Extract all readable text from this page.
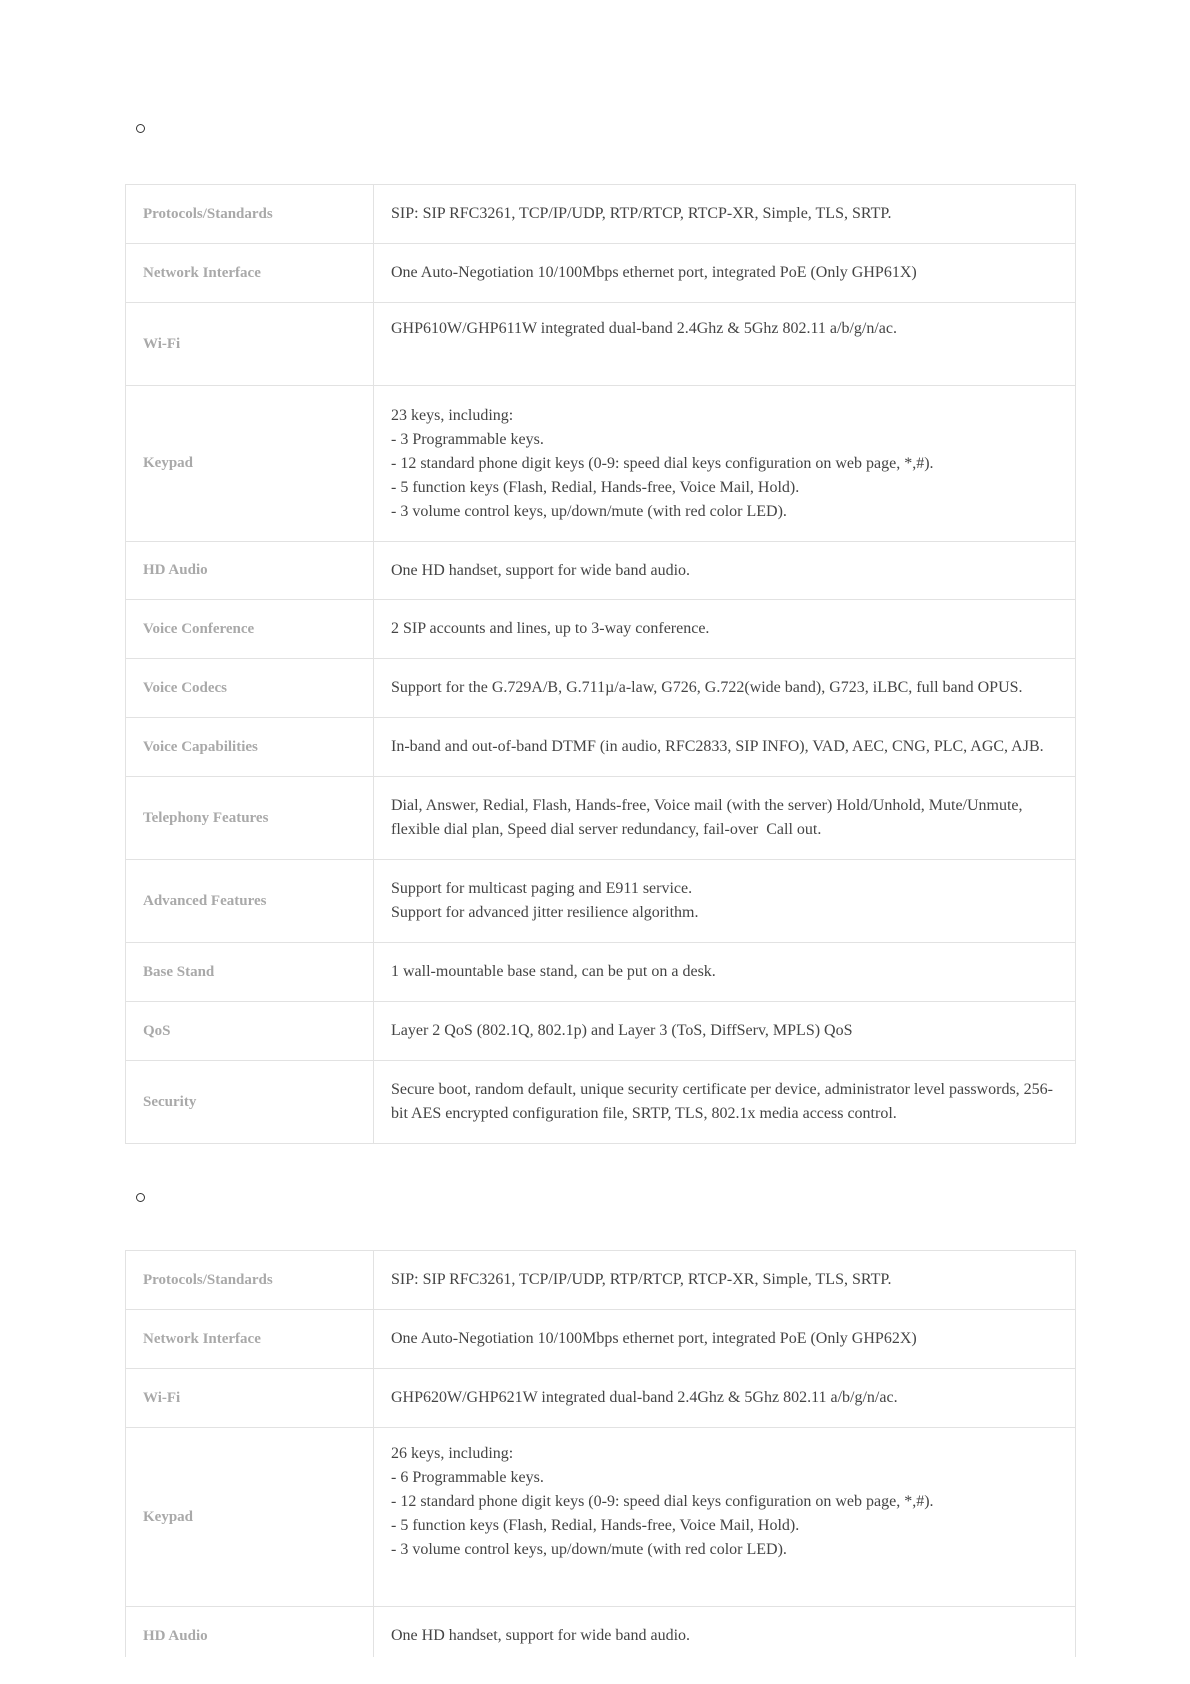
Protocols/Standards	SIP: SIP RFC3261, TCP/IP/UDP, RTP/RTCP, RTCP-XR, Simple, TLS, SRTP.

Network Interface	One Auto-Negotiation 10/100Mbps ethernet port, integrated PoE (Only GHP61X)

Wi-Fi	GHP610W/GHP611W integrated dual-band 2.4Ghz & 5Ghz 802.11 a/b/g/n/ac.

Keypad	23 keys, including:
- 3 Programmable keys.
- 12 standard phone digit keys (0-9: speed dial keys configuration on web page, *,#).
- 5 function keys (Flash, Redial, Hands-free, Voice Mail, Hold).
- 3 volume control keys, up/down/mute (with red color LED).

HD Audio	One HD handset, support for wide band audio.

Voice Conference	2 SIP accounts and lines, up to 3-way conference.

Voice Codecs	Support for the G.729A/B, G.711µ/a-law, G726, G.722(wide band), G723, iLBC, full band OPUS.

Voice Capabilities	In-band and out-of-band DTMF (in audio, RFC2833, SIP INFO), VAD, AEC, CNG, PLC, AGC, AJB.

Telephony Features	Dial, Answer, Redial, Flash, Hands-free, Voice mail (with the server) Hold/Unhold, Mute/Unmute,
flexible dial plan, Speed dial server redundancy, fail-over  Call out.

Advanced Features	Support for multicast paging and E911 service.
Support for advanced jitter resilience algorithm.

Base Stand	1 wall-mountable base stand, can be put on a desk.

QoS	Layer 2 QoS (802.1Q, 802.1p) and Layer 3 (ToS, DiffServ, MPLS) QoS

Security	Secure boot, random default, unique security certificate per device, administrator level passwords, 256-
bit AES encrypted configuration file, SRTP, TLS, 802.1x media access control.
Protocols/Standards	SIP: SIP RFC3261, TCP/IP/UDP, RTP/RTCP, RTCP-XR, Simple, TLS, SRTP.

Network Interface	One Auto-Negotiation 10/100Mbps ethernet port, integrated PoE (Only GHP62X)

Wi-Fi	GHP620W/GHP621W integrated dual-band 2.4Ghz & 5Ghz 802.11 a/b/g/n/ac.

Keypad	26 keys, including:
- 6 Programmable keys.
- 12 standard phone digit keys (0-9: speed dial keys configuration on web page, *,#).
- 5 function keys (Flash, Redial, Hands-free, Voice Mail, Hold).
- 3 volume control keys, up/down/mute (with red color LED).

HD Audio	One HD handset, support for wide band audio.
